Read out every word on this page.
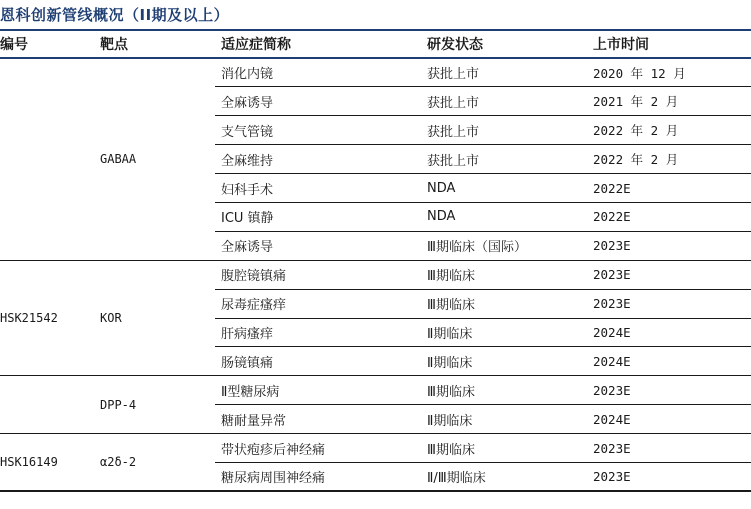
恩科创新管线概况（II期及以上）
编号	靶点	适应症简称	研发状态	上市时间
	GABAA	消化内镜	获批上市	2020 年 12 月
		全麻诱导	获批上市	2021 年 2 月
		支气管镜	获批上市	2022 年 2 月
		全麻维持	获批上市	2022 年 2 月
		妇科手术	NDA	2022E
		ICU 镇静	NDA	2022E
		全麻诱导	Ⅲ期临床（国际）	2023E
HSK21542	KOR	腹腔镜镇痛	Ⅲ期临床	2023E
		尿毒症瘙痒	Ⅲ期临床	2023E
		肝病瘙痒	Ⅱ期临床	2024E
		肠镜镇痛	Ⅱ期临床	2024E
	DPP-4	Ⅱ型糖尿病	Ⅲ期临床	2023E
		糖耐量异常	Ⅱ期临床	2024E
HSK16149	α2δ-2	带状疱疹后神经痛	Ⅲ期临床	2023E
		糖尿病周围神经痛	Ⅱ/Ⅲ期临床	2023E
